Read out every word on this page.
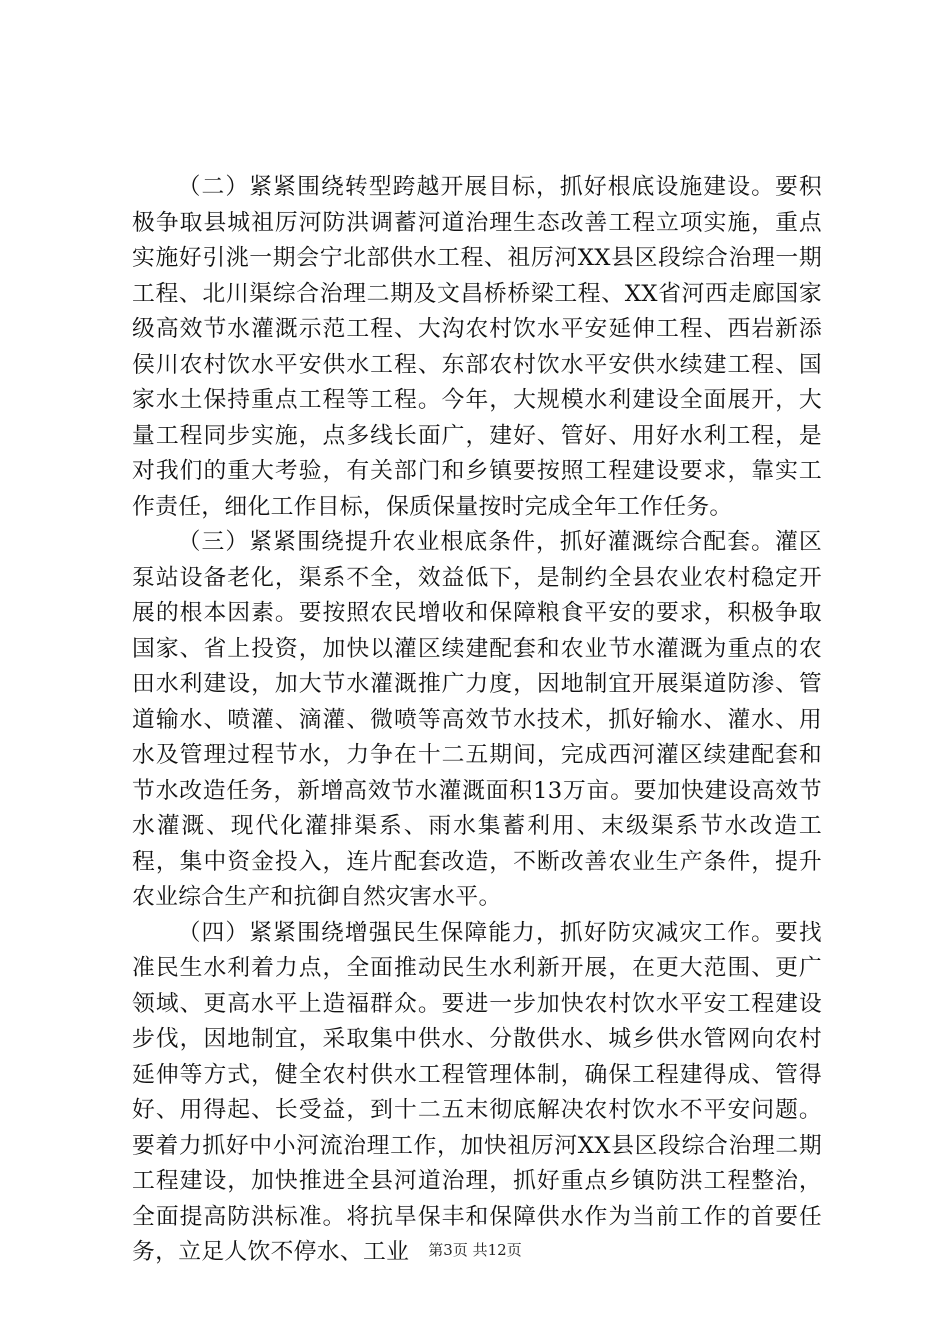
（二）紧紧围绕转型跨越开展目标，抓好根底设施建设。要积极争取县城祖厉河防洪调蓄河道治理生态改善工程立项实施，重点实施好引洮一期会宁北部供水工程、祖厉河XX县区段综合治理一期工程、北川渠综合治理二期及文昌桥桥梁工程、XX省河西走廊国家级高效节水灌溉示范工程、大沟农村饮水平安延伸工程、西岩新添侯川农村饮水平安供水工程、东部农村饮水平安供水续建工程、国家水土保持重点工程等工程。今年，大规模水利建设全面展开，大量工程同步实施，点多线长面广，建好、管好、用好水利工程，是对我们的重大考验，有关部门和乡镇要按照工程建设要求，靠实工作责任，细化工作目标，保质保量按时完成全年工作任务。

（三）紧紧围绕提升农业根底条件，抓好灌溉综合配套。灌区泵站设备老化，渠系不全，效益低下，是制约全县农业农村稳定开展的根本因素。要按照农民增收和保障粮食平安的要求，积极争取国家、省上投资，加快以灌区续建配套和农业节水灌溉为重点的农田水利建设，加大节水灌溉推广力度，因地制宜开展渠道防渗、管道输水、喷灌、滴灌、微喷等高效节水技术，抓好输水、灌水、用水及管理过程节水，力争在十二五期间，完成西河灌区续建配套和节水改造任务，新增高效节水灌溉面积13万亩。要加快建设高效节水灌溉、现代化灌排渠系、雨水集蓄利用、末级渠系节水改造工程，集中资金投入，连片配套改造，不断改善农业生产条件，提升农业综合生产和抗御自然灾害水平。

（四）紧紧围绕增强民生保障能力，抓好防灾减灾工作。要找准民生水利着力点，全面推动民生水利新开展，在更大范围、更广领域、更高水平上造福群众。要进一步加快农村饮水平安工程建设步伐，因地制宜，采取集中供水、分散供水、城乡供水管网向农村延伸等方式，健全农村供水工程管理体制，确保工程建得成、管得好、用得起、长受益，到十二五末彻底解决农村饮水不平安问题。要着力抓好中小河流治理工作，加快祖厉河XX县区段综合治理二期工程建设，加快推进全县河道治理，抓好重点乡镇防洪工程整治，全面提高防洪标准。将抗旱保丰和保障供水作为当前工作的首要任务，立足人饮不停水、工业	第3页 共12页
